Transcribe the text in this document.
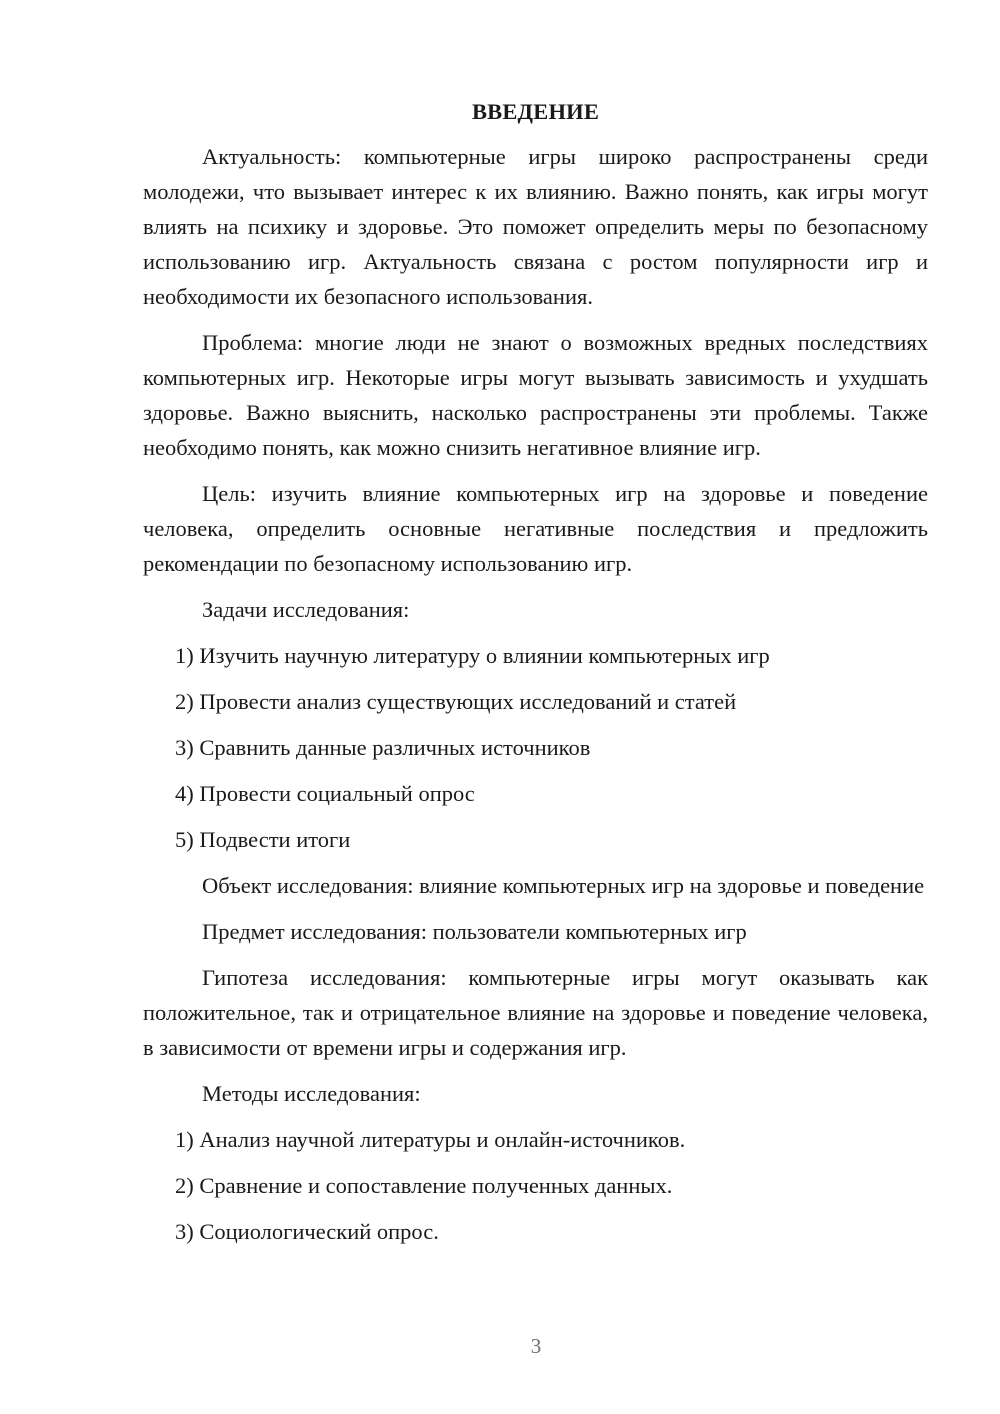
ВВЕДЕНИЕ

Актуальность: компьютерные игры широко распространены среди молодежи, что вызывает интерес к их влиянию. Важно понять, как игры могут влиять на психику и здоровье. Это поможет определить меры по безопасному использованию игр. Актуальность связана с ростом популярности игр и необходимости их безопасного использования.

Проблема: многие люди не знают о возможных вредных последствиях компьютерных игр. Некоторые игры могут вызывать зависимость и ухудшать здоровье. Важно выяснить, насколько распространены эти проблемы. Также необходимо понять, как можно снизить негативное влияние игр.

Цель: изучить влияние компьютерных игр на здоровье и поведение человека, определить основные негативные последствия и предложить рекомендации по безопасному использованию игр.

Задачи исследования:

1) Изучить научную литературу о влиянии компьютерных игр
2) Провести анализ существующих исследований и статей
3) Сравнить данные различных источников
4) Провести социальный опрос
5) Подвести итоги

Объект исследования: влияние компьютерных игр на здоровье и поведение

Предмет исследования: пользователи компьютерных игр

Гипотеза исследования: компьютерные игры могут оказывать как положительное, так и отрицательное влияние на здоровье и поведение человека, в зависимости от времени игры и содержания игр.

Методы исследования:

1) Анализ научной литературы и онлайн-источников.
2) Сравнение и сопоставление полученных данных.
3) Социологический опрос.
3
